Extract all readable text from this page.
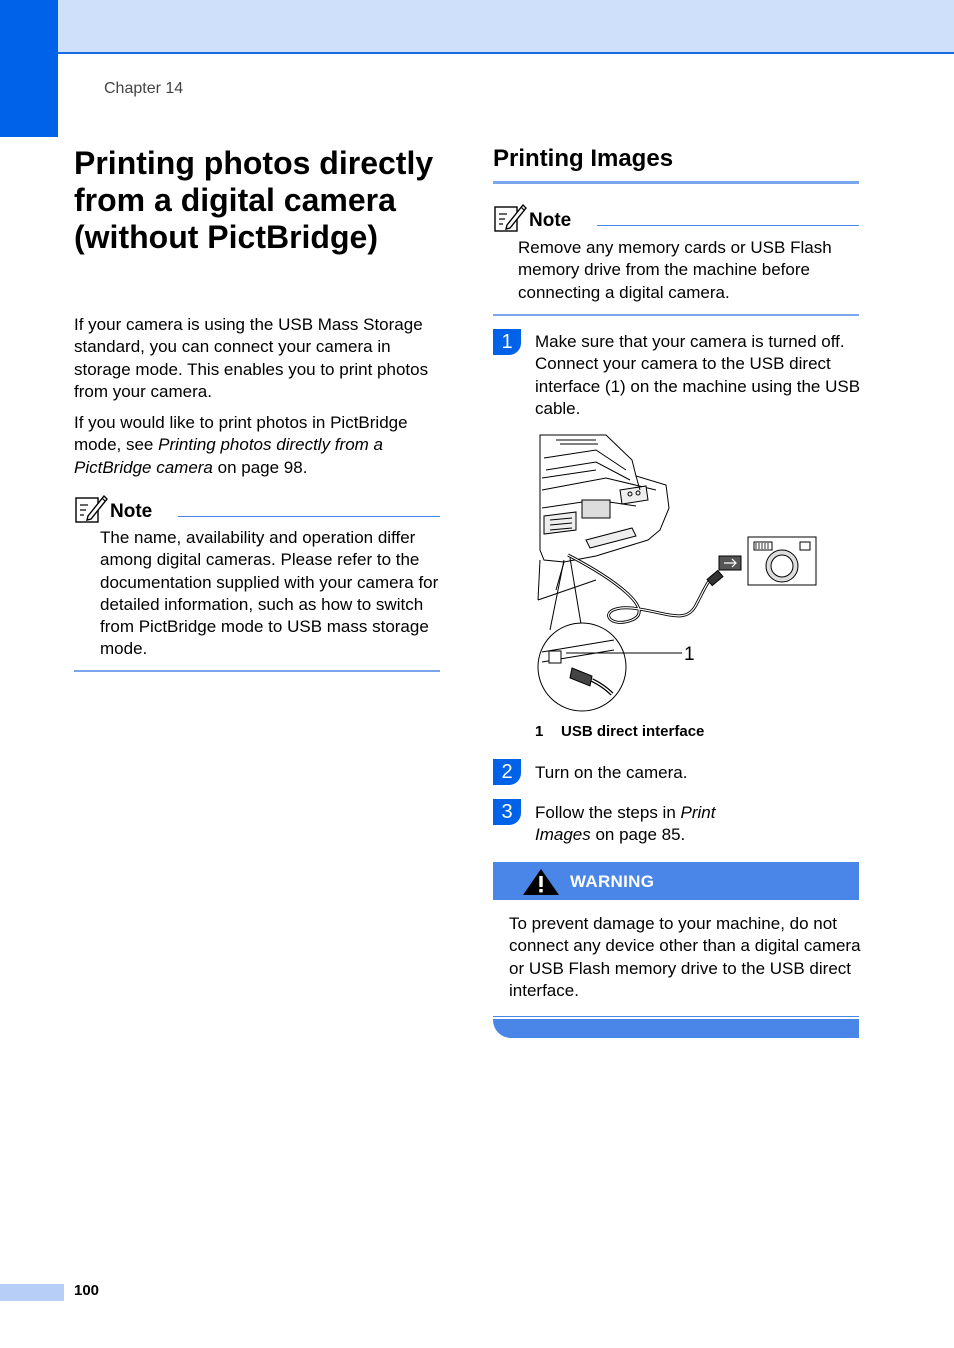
Chapter 14
Printing photos directly from a digital camera (without PictBridge)

If your camera is using the USB Mass Storage standard, you can connect your camera in storage mode. This enables you to print photos from your camera.

If you would like to print photos in PictBridge mode, see Printing photos directly from a PictBridge camera on page 98.

Note

The name, availability and operation differ among digital cameras. Please refer to the documentation supplied with your camera for detailed information, such as how to switch from PictBridge mode to USB mass storage mode.

Printing Images
Note

Remove any memory cards or USB Flash memory drive from the machine before connecting a digital camera.

1	Make sure that your camera is turned off. Connect your camera to the USB direct interface (1) on the machine using the USB cable.

1
1 USB direct interface
2	Turn on the camera.

3	Follow the steps in Print Images on page 85.

WARNING

To prevent damage to your machine, do not connect any device other than a digital camera or USB Flash memory drive to the USB direct interface.

100
